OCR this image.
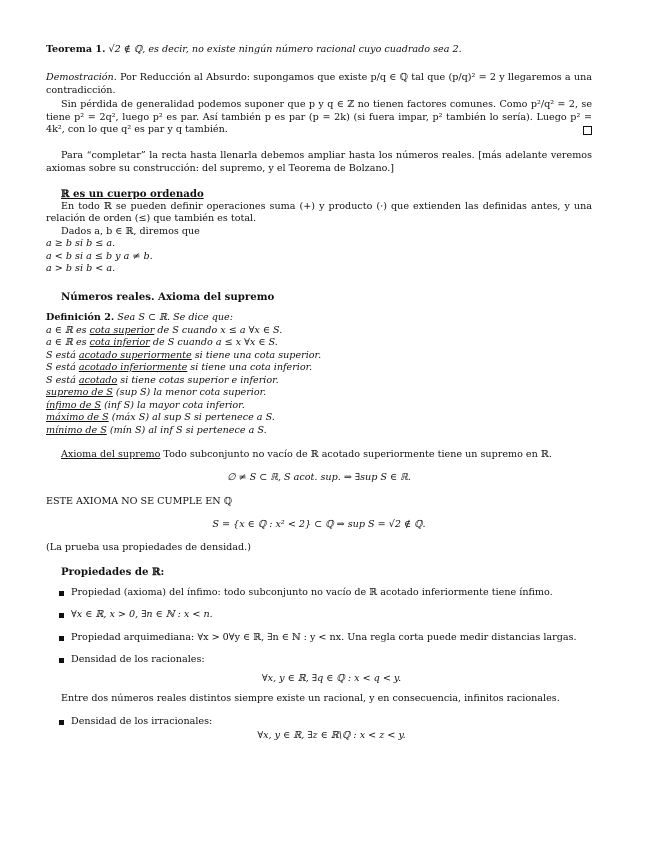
Teorema 1. √2 ∉ ℚ, es decir, no existe ningún número racional cuyo cuadrado sea 2.
Demostración. Por Reducción al Absurdo: supongamos que existe p/q ∈ ℚ tal que (p/q)² = 2 y llegaremos a una contradicción.
Sin pérdida de generalidad podemos suponer que p y q ∈ ℤ no tienen factores comunes. Como p²/q² = 2, se tiene p² = 2q², luego p² es par. Así también p es par (p = 2k) (si fuera impar, p² también lo sería). Luego p² = 4k², con lo que q² es par y q también.
Para “completar” la recta hasta llenarla debemos ampliar hasta los números reales. [más adelante veremos axiomas sobre su construcción: del supremo, y el Teorema de Bolzano.]
ℝ es un cuerpo ordenado
En todo ℝ se pueden definir operaciones suma (+) y producto (·) que extienden las definidas antes, y una relación de orden (≤) que también es total.
Dados a, b ∈ ℝ, diremos que
a ≥ b si b ≤ a.
a < b si a ≤ b y a ≠ b.
a > b si b < a.
Números reales. Axioma del supremo
Definición 2. Sea S ⊂ ℝ. Se dice que:
a ∈ ℝ es cota superior de S cuando x ≤ a ∀x ∈ S.
a ∈ ℝ es cota inferior de S cuando a ≤ x ∀x ∈ S.
S está acotado superiormente si tiene una cota superior.
S está acotado inferiormente si tiene una cota inferior.
S está acotado si tiene cotas superior e inferior.
supremo de S (sup S) la menor cota superior.
ínfimo de S (inf S) la mayor cota inferior.
máximo de S (máx S) al sup S si pertenece a S.
mínimo de S (mín S) al inf S si pertenece a S.
Axioma del supremo Todo subconjunto no vacío de ℝ acotado superiormente tiene un supremo en ℝ.
∅ ≠ S ⊂ ℝ, S acot. sup. ⇒ ∃sup S ∈ ℝ.
ESTE AXIOMA NO SE CUMPLE EN ℚ
S = {x ∈ ℚ : x² < 2} ⊂ ℚ ⇒ sup S = √2 ∉ ℚ.
(La prueba usa propiedades de densidad.)
Propiedades de ℝ:
Propiedad (axioma) del ínfimo: todo subconjunto no vacío de ℝ acotado inferiormente tiene ínfimo.
∀x ∈ ℝ, x > 0, ∃n ∈ ℕ : x < n.
Propiedad arquimediana: ∀x > 0∀y ∈ ℝ, ∃n ∈ ℕ : y < nx. Una regla corta puede medir distancias largas.
Densidad de los racionales:
∀x, y ∈ ℝ, ∃q ∈ ℚ : x < q < y.
Entre dos números reales distintos siempre existe un racional, y en consecuencia, infinitos racionales.
Densidad de los irracionales:
∀x, y ∈ ℝ, ∃z ∈ ℝ\ℚ : x < z < y.
